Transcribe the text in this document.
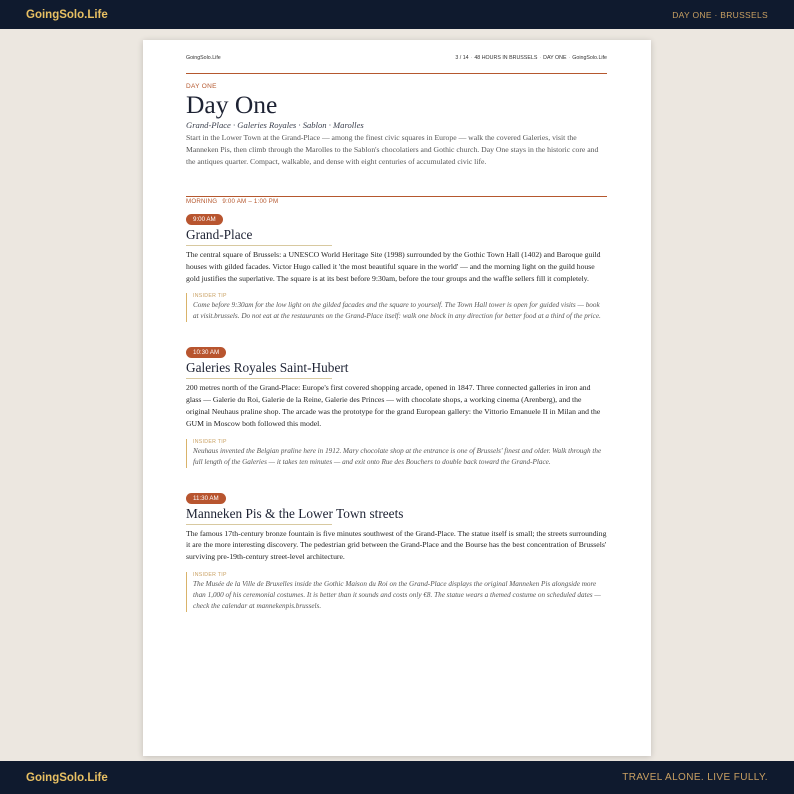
GoingSolo.Life	DAY ONE · BRUSSELS
GoingSolo.Life	3 / 14 · 48 HOURS IN BRUSSELS · DAY ONE · GoingSolo.Life
DAY ONE
Day One
Grand-Place · Galeries Royales · Sablon · Marolles
Start in the Lower Town at the Grand-Place — among the finest civic squares in Europe — walk the covered Galeries, visit the Manneken Pis, then climb through the Marolles to the Sablon's chocolatiers and Gothic church. Day One stays in the historic core and the antiques quarter. Compact, walkable, and dense with eight centuries of accumulated civic life.
MORNING 9:00 AM – 1:00 PM
9:00 AM
Grand-Place
The central square of Brussels: a UNESCO World Heritage Site (1998) surrounded by the Gothic Town Hall (1402) and Baroque guild houses with gilded facades. Victor Hugo called it 'the most beautiful square in the world' — and the morning light on the guild house gold justifies the superlative. The square is at its best before 9:30am, before the tour groups and the waffle sellers fill it completely.
INSIDER TIP
Come before 9:30am for the low light on the gilded facades and the square to yourself. The Town Hall tower is open for guided visits — book at visit.brussels. Do not eat at the restaurants on the Grand-Place itself: walk one block in any direction for better food at a third of the price.
10:30 AM
Galeries Royales Saint-Hubert
200 metres north of the Grand-Place: Europe's first covered shopping arcade, opened in 1847. Three connected galleries in iron and glass — Galerie du Roi, Galerie de la Reine, Galerie des Princes — with chocolate shops, a working cinema (Arenberg), and the original Neuhaus praline shop. The arcade was the prototype for the grand European gallery: the Vittorio Emanuele II in Milan and the GUM in Moscow both followed this model.
INSIDER TIP
Neuhaus invented the Belgian praline here in 1912. Mary chocolate shop at the entrance is one of Brussels' finest and older. Walk through the full length of the Galeries — it takes ten minutes — and exit onto Rue des Bouchers to double back toward the Grand-Place.
11:30 AM
Manneken Pis & the Lower Town streets
The famous 17th-century bronze fountain is five minutes southwest of the Grand-Place. The statue itself is small; the streets surrounding it are the more interesting discovery. The pedestrian grid between the Grand-Place and the Bourse has the best concentration of Brussels' surviving pre-19th-century street-level architecture.
INSIDER TIP
The Musée de la Ville de Bruxelles inside the Gothic Maison du Roi on the Grand-Place displays the original Manneken Pis alongside more than 1,000 of his ceremonial costumes. It is better than it sounds and costs only €8. The statue wears a themed costume on scheduled dates — check the calendar at mannekenpis.brussels.
GoingSolo.Life	TRAVEL ALONE. LIVE FULLY.
